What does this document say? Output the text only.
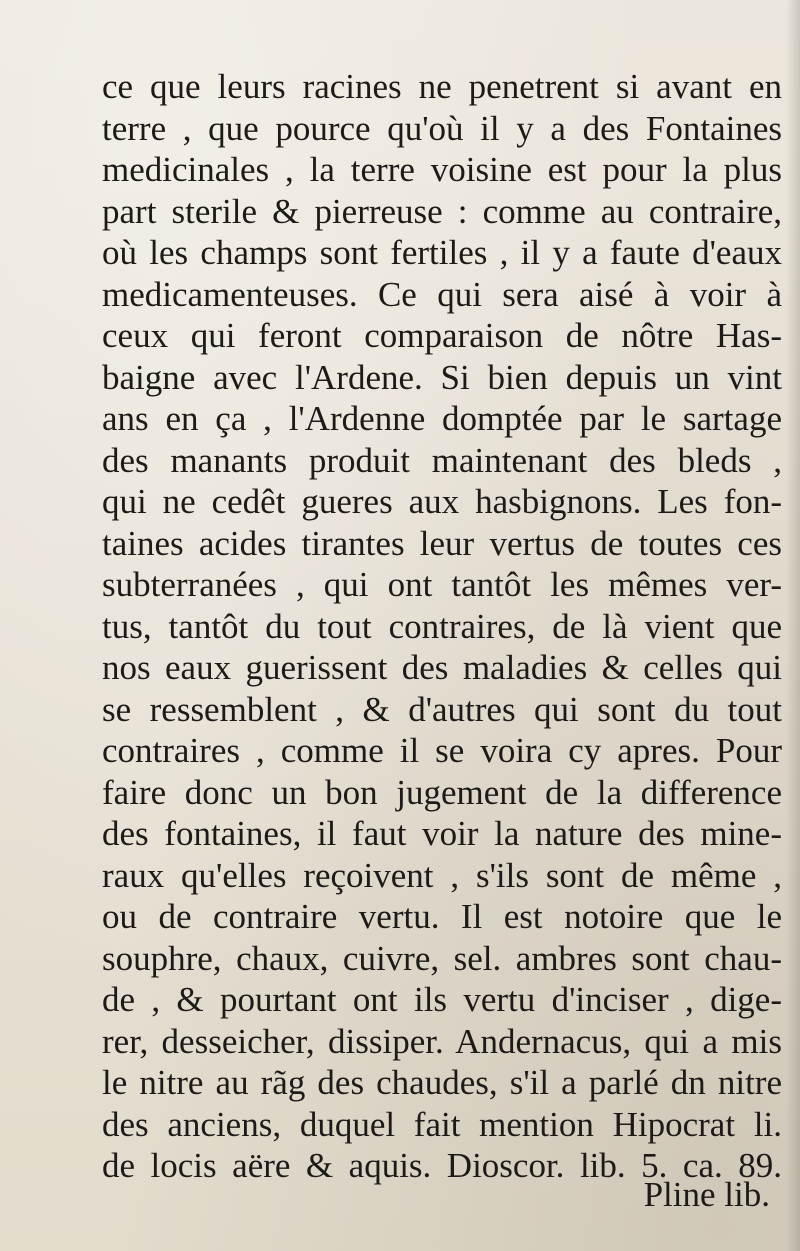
ce que leurs racines ne penetrent si avant en
terre , que pource qu'où il y a des Fontaines
medicinales , la terre voisine est pour la plus
part sterile & pierreuse : comme au contraire,
où les champs sont fertiles , il y a faute d'eaux
medicamenteuses. Ce qui sera aisé à voir à
ceux qui feront comparaison de nôtre Has-
baigne avec l'Ardene. Si bien depuis un vint
ans en ça , l'Ardenne domptée par le sartage
des manants produit maintenant des bleds ,
qui ne cedêt gueres aux hasbignons. Les fon-
taines acides tirantes leur vertus de toutes ces
subterranées , qui ont tantôt les mêmes ver-
tus, tantôt du tout contraires, de là vient que
nos eaux guerissent des maladies & celles qui
se ressemblent , & d'autres qui sont du tout
contraires , comme il se voira cy apres. Pour
faire donc un bon jugement de la difference
des fontaines, il faut voir la nature des mine-
raux qu'elles reçoivent , s'ils sont de même ,
ou de contraire vertu. Il est notoire que le
souphre, chaux, cuivre, sel. ambres sont chau-
de , & pourtant ont ils vertu d'inciser , dige-
rer, desseicher, dissiper. Andernacus, qui a mis
le nitre au rãg des chaudes, s'il a parlé dn nitre
des anciens, duquel fait mention Hipocrat li.
de locis aëre & aquis. Dioscor. lib. 5. ca. 89.
Pline lib.
